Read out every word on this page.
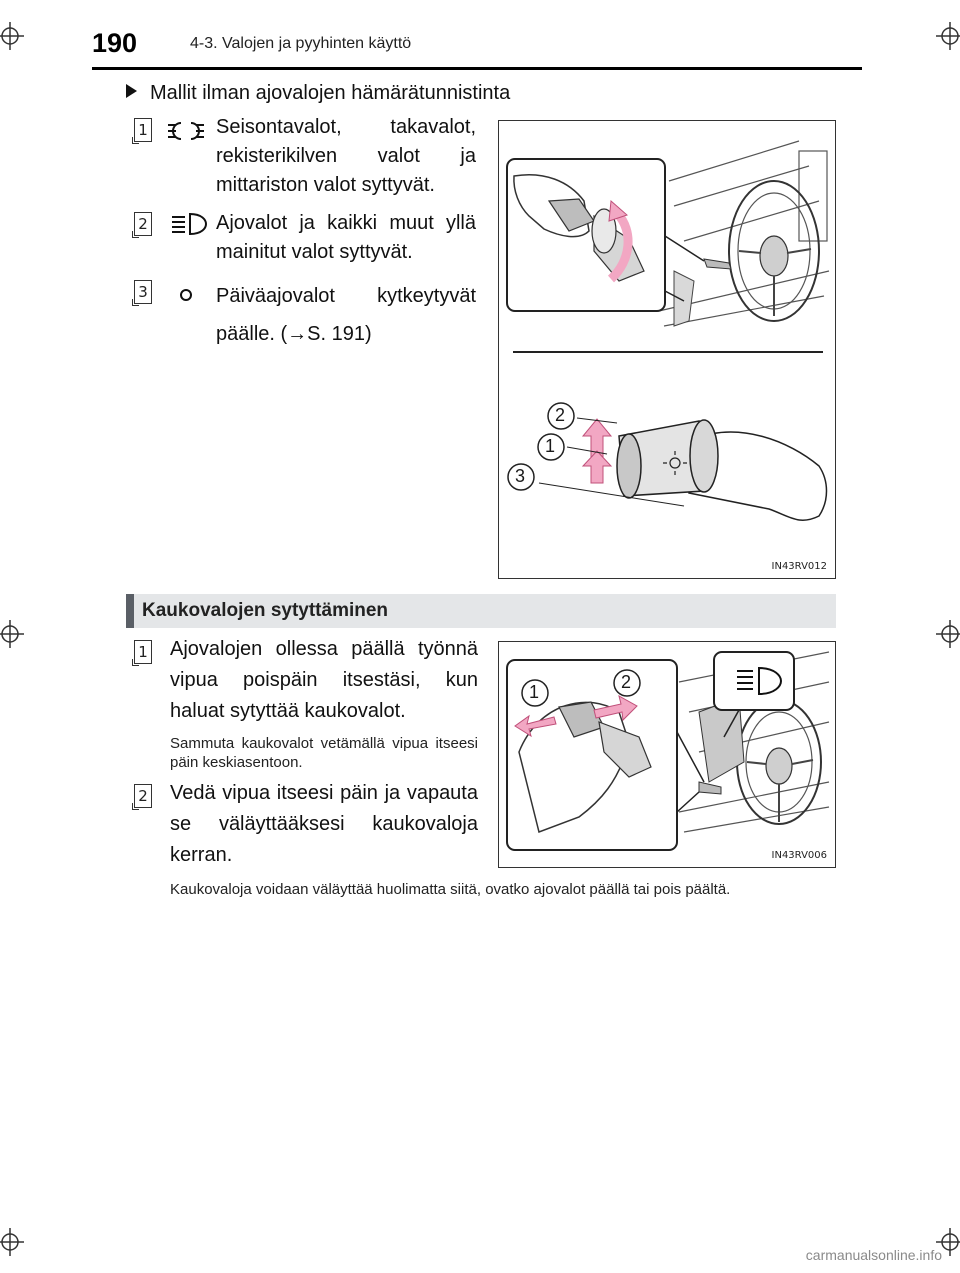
190	4-3. Valojen ja pyyhinten käyttö
Mallit ilman ajovalojen hämärätunnistinta
1	Seisontavalot, takavalot, rekisterikilven valot ja mittariston valot syttyvät.
2	Ajovalot ja kaikki muut yllä mainitut valot syttyvät.
3	Päiväajovalot kytkeytyvät päälle. (→S. 191)
2
1
3
IN43RV012
Kaukovalojen sytyttäminen
1 Ajovalojen ollessa päällä työnnä vipua poispäin itsestäsi, kun haluat sytyttää kaukovalot.
Sammuta kaukovalot vetämällä vipua itseesi päin keskiasentoon.
2 Vedä vipua itseesi päin ja vapauta se väläyttääksesi kaukovaloja kerran.
1	2
IN43RV006
Kaukovaloja voidaan väläyttää huolimatta siitä, ovatko ajovalot päällä tai pois päältä.
carmanualsonline.info
